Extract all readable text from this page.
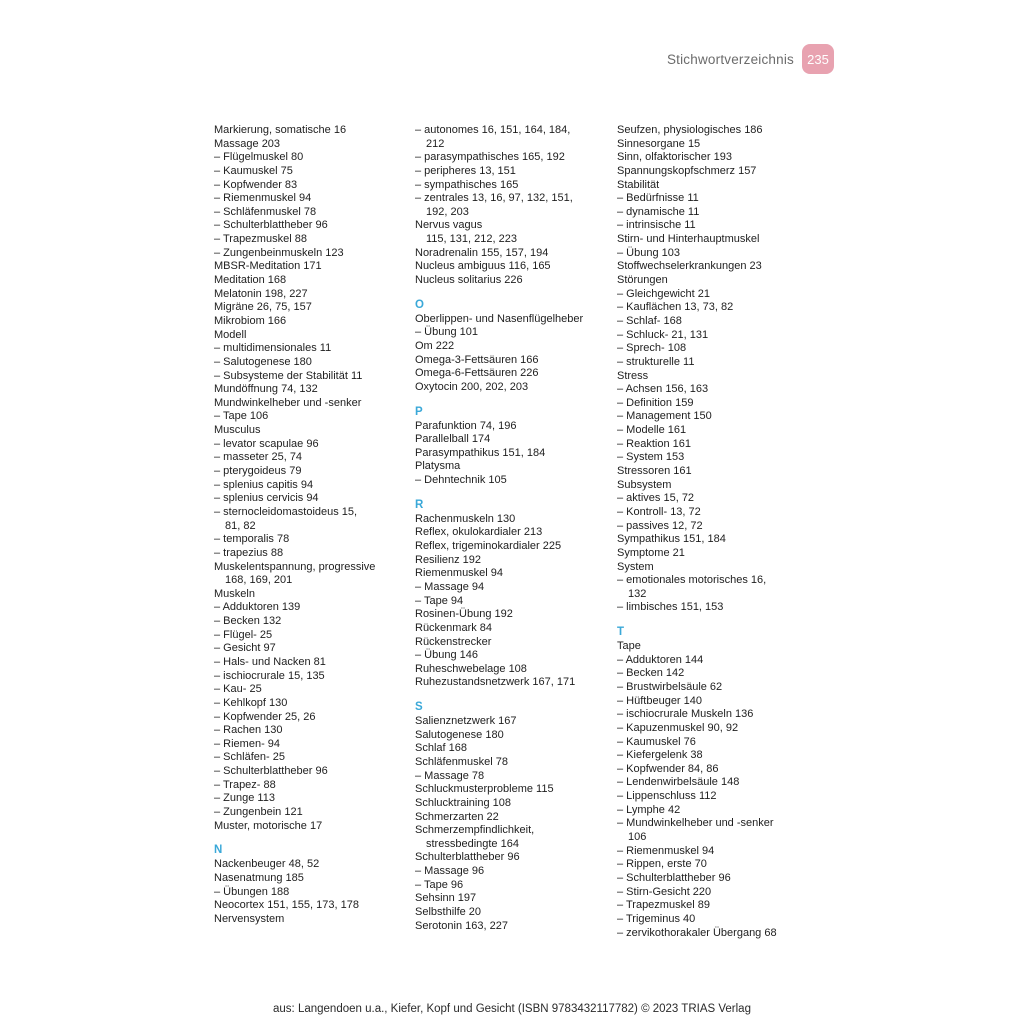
Stichwortverzeichnis	235
Markierung, somatische 16
Massage 203
– Flügelmuskel 80
– Kaumuskel 75
– Kopfwender 83
– Riemenmuskel 94
– Schläfenmuskel 78
– Schulterblattheber 96
– Trapezmuskel 88
– Zungenbeinmuskeln 123
MBSR-Meditation 171
Meditation 168
Melatonin 198, 227
Migräne 26, 75, 157
Mikrobiom 166
Modell
– multidimensionales 11
– Salutogenese 180
– Subsysteme der Stabilität 11
Mundöffnung 74, 132
Mundwinkelheber und -senker
– Tape 106
Musculus
– levator scapulae 96
– masseter 25, 74
– pterygoideus 79
– splenius capitis 94
– splenius cervicis 94
– sternocleidomastoideus 15,
81, 82
– temporalis 78
– trapezius 88
Muskelentspannung, progressive
168, 169, 201
Muskeln
– Adduktoren 139
– Becken 132
– Flügel- 25
– Gesicht 97
– Hals- und Nacken 81
– ischiocrurale 15, 135
– Kau- 25
– Kehlkopf 130
– Kopfwender 25, 26
– Rachen 130
– Riemen- 94
– Schläfen- 25
– Schulterblattheber 96
– Trapez- 88
– Zunge 113
– Zungenbein 121
Muster, motorische 17
N
Nackenbeuger 48, 52
Nasenatmung 185
– Übungen 188
Neocortex 151, 155, 173, 178
Nervensystem
– autonomes 16, 151, 164, 184,
212
– parasympathisches 165, 192
– peripheres 13, 151
– sympathisches 165
– zentrales 13, 16, 97, 132, 151,
192, 203
Nervus vagus
115, 131, 212, 223
Noradrenalin 155, 157, 194
Nucleus ambiguus 116, 165
Nucleus solitarius 226
O
Oberlippen- und Nasenflügelheber
– Übung 101
Om 222
Omega-3-Fettsäuren 166
Omega-6-Fettsäuren 226
Oxytocin 200, 202, 203
P
Parafunktion 74, 196
Parallelball 174
Parasympathikus 151, 184
Platysma
– Dehntechnik 105
R
Rachenmuskeln 130
Reflex, okulokardialer 213
Reflex, trigeminokardialer 225
Resilienz 192
Riemenmuskel 94
– Massage 94
– Tape 94
Rosinen-Übung 192
Rückenmark 84
Rückenstrecker
– Übung 146
Ruheschwebelage 108
Ruhezustandsnetzwerk 167, 171
S
Salienznetzwerk 167
Salutogenese 180
Schlaf 168
Schläfenmuskel 78
– Massage 78
Schluckmusterprobleme 115
Schlucktraining 108
Schmerzarten 22
Schmerzempfindlichkeit,
stressbedingte 164
Schulterblattheber 96
– Massage 96
– Tape 96
Sehsinn 197
Selbsthilfe 20
Serotonin 163, 227
Seufzen, physiologisches 186
Sinnesorgane 15
Sinn, olfaktorischer 193
Spannungskopfschmerz 157
Stabilität
– Bedürfnisse 11
– dynamische 11
– intrinsische 11
Stirn- und Hinterhauptmuskel
– Übung 103
Stoffwechselerkrankungen 23
Störungen
– Gleichgewicht 21
– Kauflächen 13, 73, 82
– Schlaf- 168
– Schluck- 21, 131
– Sprech- 108
– strukturelle 11
Stress
– Achsen 156, 163
– Definition 159
– Management 150
– Modelle 161
– Reaktion 161
– System 153
Stressoren 161
Subsystem
– aktives 15, 72
– Kontroll- 13, 72
– passives 12, 72
Sympathikus 151, 184
Symptome 21
System
– emotionales motorisches 16,
132
– limbisches 151, 153
T
Tape
– Adduktoren 144
– Becken 142
– Brustwirbelsäule 62
– Hüftbeuger 140
– ischiocrurale Muskeln 136
– Kapuzenmuskel 90, 92
– Kaumuskel 76
– Kiefergelenk 38
– Kopfwender 84, 86
– Lendenwirbelsäule 148
– Lippenschluss 112
– Lymphe 42
– Mundwinkelheber und -senker
106
– Riemenmuskel 94
– Rippen, erste 70
– Schulterblattheber 96
– Stirn-Gesicht 220
– Trapezmuskel 89
– Trigeminus 40
– zervikothorakaler Übergang 68
aus: Langendoen u.a., Kiefer, Kopf und Gesicht (ISBN 9783432117782) © 2023 TRIAS Verlag
